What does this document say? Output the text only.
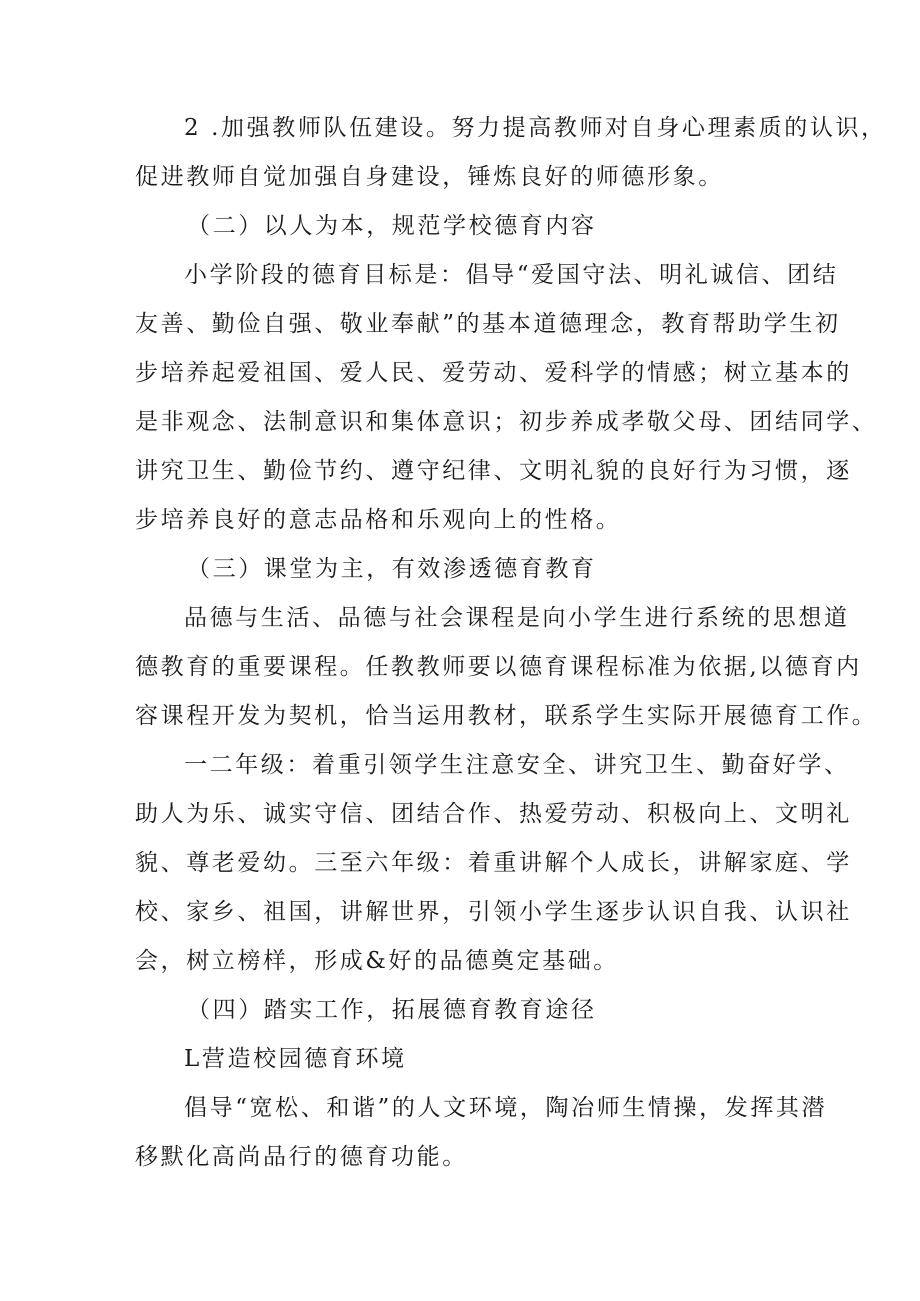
2 .加强教师队伍建设。努力提高教师对自身心理素质的认识，
促进教师自觉加强自身建设，锤炼良好的师德形象。
（二）以人为本，规范学校德育内容
小学阶段的德育目标是：倡导“爱国守法、明礼诚信、团结
友善、勤俭自强、敬业奉献”的基本道德理念，教育帮助学生初
步培养起爱祖国、爱人民、爱劳动、爱科学的情感；树立基本的
是非观念、法制意识和集体意识；初步养成孝敬父母、团结同学、
讲究卫生、勤俭节约、遵守纪律、文明礼貌的良好行为习惯，逐
步培养良好的意志品格和乐观向上的性格。
（三）课堂为主，有效渗透德育教育
品德与生活、品德与社会课程是向小学生进行系统的思想道
德教育的重要课程。任教教师要以德育课程标准为依据,以德育内
容课程开发为契机，恰当运用教材，联系学生实际开展德育工作。
一二年级：着重引领学生注意安全、讲究卫生、勤奋好学、
助人为乐、诚实守信、团结合作、热爱劳动、积极向上、文明礼
貌、尊老爱幼。三至六年级：着重讲解个人成长，讲解家庭、学
校、家乡、祖国，讲解世界，引领小学生逐步认识自我、认识社
会，树立榜样，形成&好的品德奠定基础。
（四）踏实工作，拓展德育教育途径
L营造校园德育环境
倡导“宽松、和谐”的人文环境，陶冶师生情操，发挥其潜
移默化高尚品行的德育功能。
